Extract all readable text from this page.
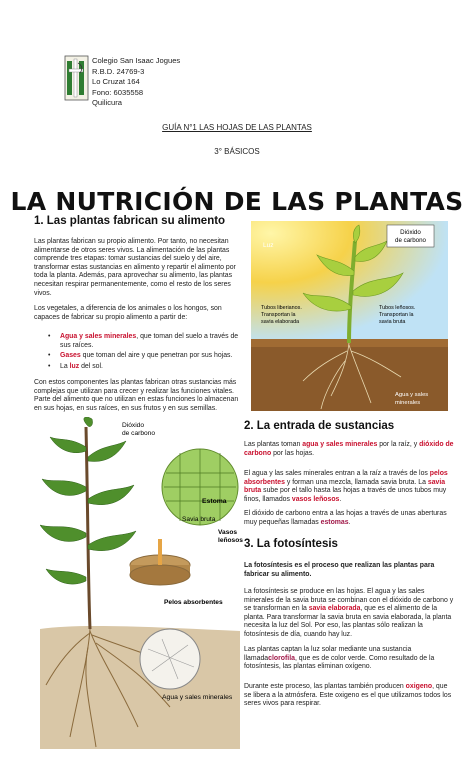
Colegio San Isaac Jogues
R.B.D. 24769-3
Lo Cruzat 164
Fono: 6035558
Quilicura
GUÍA N°1 LAS HOJAS DE LAS PLANTAS
3° BÁSICOS
LA NUTRICIÓN DE LAS PLANTAS
1. Las plantas fabrican su alimento
Las plantas fabrican su propio alimento. Por tanto, no necesitan alimentarse de otros seres vivos. La alimentación de las plantas comprende tres etapas: tomar sustancias del suelo y del aire, transformar estas sustancias en alimento y repartir el alimento por toda la planta. Además, para aprovechar su alimento, las plantas necesitan respirar permanentemente, como el resto de los seres vivos.
Los vegetales, a diferencia de los animales o los hongos, son capaces de fabricar su propio alimento a partir de:
• Agua y sales minerales, que toman del suelo a través de sus raíces.
• Gases que toman del aire y que penetran por sus hojas.
• La luz del sol.
Con estos componentes las plantas fabrican otras sustancias más complejas que utilizan para crecer y realizar las funciones vitales. Parte del alimento que no utilizan en estas funciones lo almacenan en sus hojas, en sus raíces, en sus frutos y en sus semillas.
Dióxido
de carbono
Luz
Tubos liberianos.
Transportan la
savia elaborada
Tubos leñosos.
Transportan la
savia bruta
Agua y sales
minerales
Dióxido
de carbono
Estoma
Savia bruta
Vasos
leñosos
Pelos absorbentes
Agua y sales minerales
2. La entrada de sustancias
Las plantas toman agua y sales minerales por la raíz, y dióxido de carbono por las hojas.
El agua y las sales minerales entran a la raíz a través de los pelos absorbentes y forman una mezcla, llamada savia bruta. La savia bruta sube por el tallo hasta las hojas a través de unos tubos muy finos, llamados vasos leñosos.
El dióxido de carbono entra a las hojas a través de unas aberturas muy pequeñas llamadas estomas.
3. La fotosíntesis
La fotosíntesis es el proceso que realizan las plantas para fabricar su alimento.
La fotosíntesis se produce en las hojas. El agua y las sales minerales de la savia bruta se combinan con el dióxido de carbono y se transforman en la savia elaborada, que es el alimento de la planta. Para transformar la savia bruta en savia elaborada, la planta necesita la luz del Sol. Por eso, las plantas sólo realizan la fotosíntesis de día, cuando hay luz.
Las plantas captan la luz solar mediante una sustancia llamadaclorofila, que es de color verde. Como resultado de la fotosíntesis, las plantas eliminan oxígeno.
Durante este proceso, las plantas también producen oxigeno, que se libera a la atmósfera. Este oxigeno es el que utilizamos todos los seres vivos para respirar.
